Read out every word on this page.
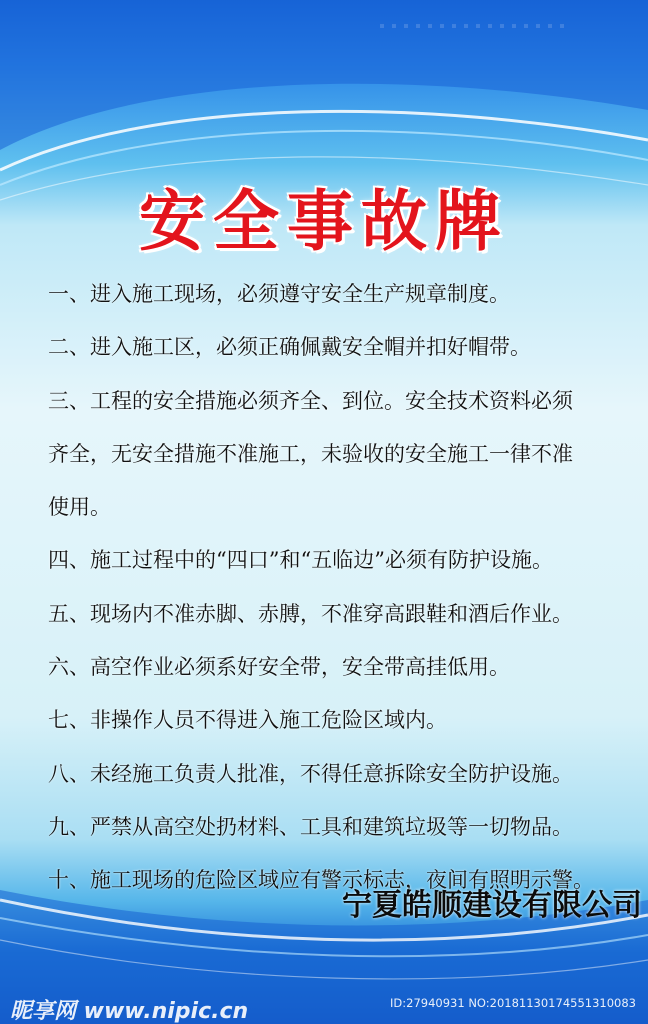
安全事故牌
一、进入施工现场，必须遵守安全生产规章制度。
二、进入施工区，必须正确佩戴安全帽并扣好帽带。
三、工程的安全措施必须齐全、到位。安全技术资料必须
齐全，无安全措施不准施工，未验收的安全施工一律不准
使用。
四、施工过程中的“四口”和“五临边”必须有防护设施。
五、现场内不准赤脚、赤膊，不准穿高跟鞋和酒后作业。
六、高空作业必须系好安全带，安全带高挂低用。
七、非操作人员不得进入施工危险区域内。
八、未经施工负责人批准，不得任意拆除安全防护设施。
九、严禁从高空处扔材料、工具和建筑垃圾等一切物品。
十、施工现场的危险区域应有警示标志，夜间有照明示警。
宁夏皓顺建设有限公司
昵享网 www.nipic.cn	ID:27940931 NO:20181130174551310083
